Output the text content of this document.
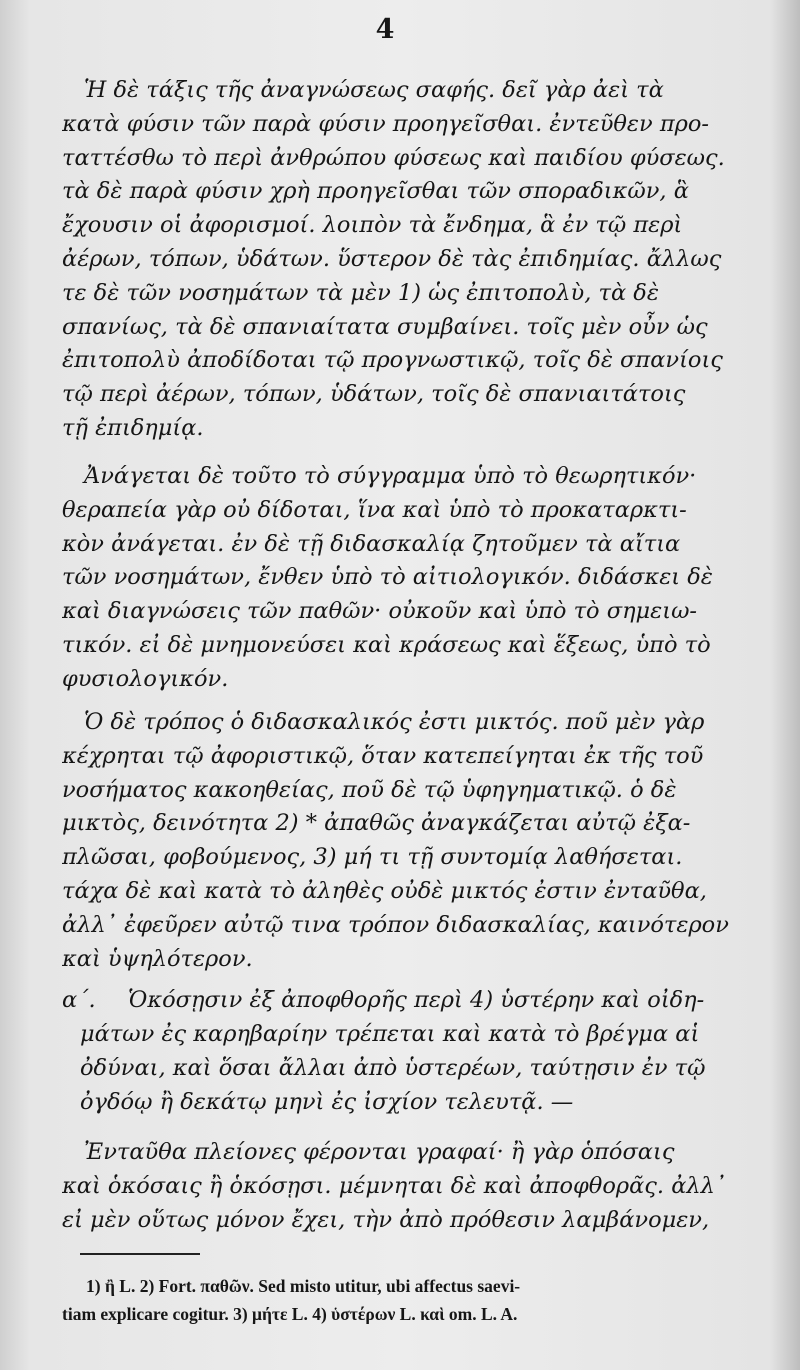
4
Ἡ δὲ τάξις τῆς ἀναγνώσεως σαφής. δεῖ γὰρ ἀεὶ τὰ
κατὰ φύσιν τῶν παρὰ φύσιν προηγεῖσθαι. ἐντεῦθεν προ-
ταττέσθω τὸ περὶ ἀνθρώπου φύσεως καὶ παιδίου φύσεως.
τὰ δὲ παρὰ φύσιν χρὴ προηγεῖσθαι τῶν σποραδικῶν, ἃ
ἔχουσιν οἱ ἀφορισμοί. λοιπὸν τὰ ἔνδημα, ἃ ἐν τῷ περὶ
ἀέρων, τόπων, ὑδάτων. ὕστερον δὲ τὰς ἐπιδημίας. ἄλλως
τε δὲ τῶν νοσημάτων τὰ μὲν 1) ὡς ἐπιτοπολὺ, τὰ δὲ
σπανίως, τὰ δὲ σπανιαίτατα συμβαίνει. τοῖς μὲν οὖν ὡς
ἐπιτοπολὺ ἀποδίδοται τῷ προγνωστικῷ, τοῖς δὲ σπανίοις
τῷ περὶ ἀέρων, τόπων, ὑδάτων, τοῖς δὲ σπανιαιτάτοις
τῇ ἐπιδημίᾳ.
Ἀνάγεται δὲ τοῦτο τὸ σύγγραμμα ὑπὸ τὸ θεωρητικόν·
θεραπεία γὰρ οὐ δίδοται, ἵνα καὶ ὑπὸ τὸ προκαταρκτι-
κὸν ἀνάγεται. ἐν δὲ τῇ διδασκαλίᾳ ζητοῦμεν τὰ αἴτια
τῶν νοσημάτων, ἔνθεν ὑπὸ τὸ αἰτιολογικόν. διδάσκει δὲ
καὶ διαγνώσεις τῶν παθῶν· οὐκοῦν καὶ ὑπὸ τὸ σημειω-
τικόν. εἰ δὲ μνημονεύσει καὶ κράσεως καὶ ἕξεως, ὑπὸ τὸ
φυσιολογικόν.
Ὁ δὲ τρόπος ὁ διδασκαλικός ἐστι μικτός. ποῦ μὲν γὰρ
κέχρηται τῷ ἀφοριστικῷ, ὅταν κατεπείγηται ἐκ τῆς τοῦ
νοσήματος κακοηθείας, ποῦ δὲ τῷ ὑφηγηματικῷ. ὁ δὲ
μικτὸς, δεινότητα 2) * ἀπαθῶς ἀναγκάζεται αὐτῷ ἐξα-
πλῶσαι, φοβούμενος, 3) μή τι τῇ συντομίᾳ λαθήσεται.
τάχα δὲ καὶ κατὰ τὸ ἀληθὲς οὐδὲ μικτός ἐστιν ἐνταῦθα,
ἀλλ᾽ ἐφεῦρεν αὐτῷ τινα τρόπον διδασκαλίας, καινότερον
καὶ ὑψηλότερον.
α΄. Ὁκόσῃσιν ἐξ ἀποφθορῆς περὶ 4) ὑστέρην καὶ οἰδη-
μάτων ἐς καρηβαρίην τρέπεται καὶ κατὰ τὸ βρέγμα αἱ
ὀδύναι, καὶ ὅσαι ἄλλαι ἀπὸ ὑστερέων, ταύτῃσιν ἐν τῷ
ὀγδόῳ ἢ δεκάτῳ μηνὶ ἐς ἰσχίον τελευτᾷ. —
Ἐνταῦθα πλείονες φέρονται γραφαί· ἢ γὰρ ὁπόσαις
καὶ ὁκόσαις ἢ ὁκόσῃσι. μέμνηται δὲ καὶ ἀποφθορᾶς. ἀλλ᾽
εἰ μὲν οὕτως μόνον ἔχει, τὴν ἀπὸ πρόθεσιν λαμβάνομεν,
1) ἢ L. 2) Fort. παθῶν. Sed misto utitur, ubi affectus saevi-
tiam explicare cogitur. 3) μήτε L. 4) ὑστέρων L. καὶ om. L. A.
